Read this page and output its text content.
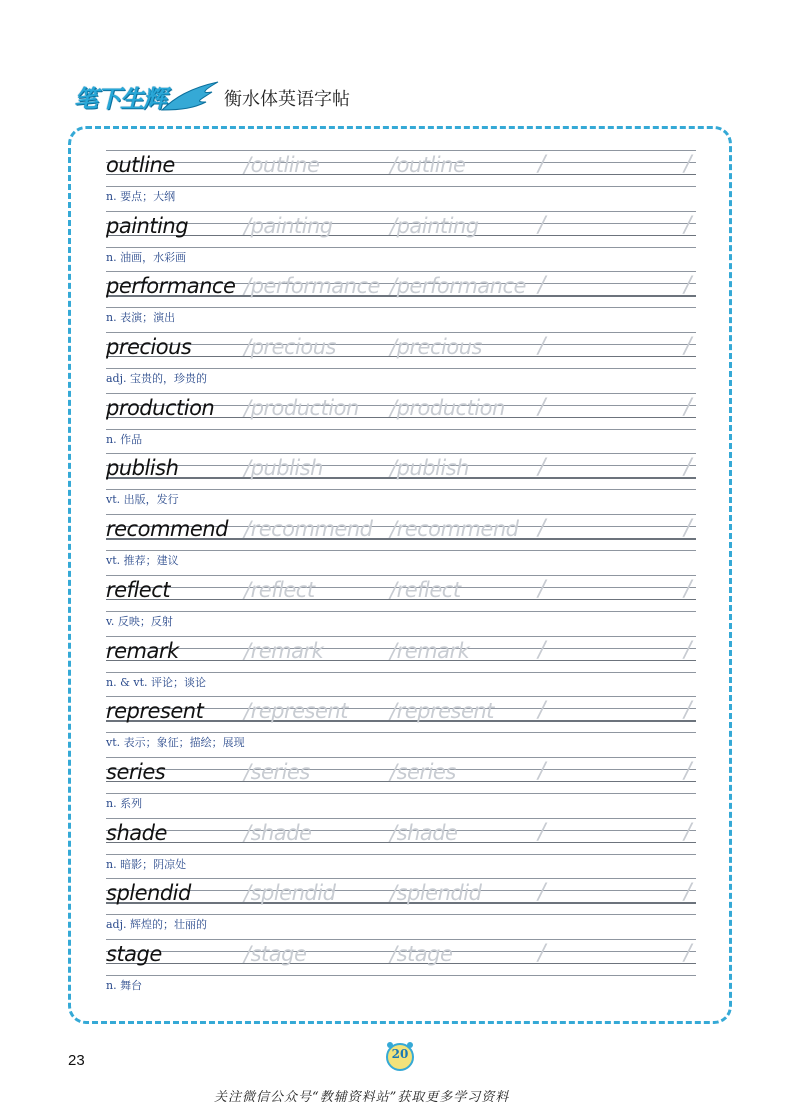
笔下生辉	衡水体英语字帖
outline	/outline	/outline	/	/
n. 要点；大纲
painting	/painting	/painting	/	/
n. 油画，水彩画
performance /performance /performance /	/
n. 表演；演出
precious	/precious	/precious	/	/
adj. 宝贵的，珍贵的
production /production /production /	/
n. 作品
publish	/publish	/publish	/	/
vt. 出版，发行
recommend /recommend /recommend /	/
vt. 推荐；建议
reflect	/reflect	/reflect	/	/
v. 反映；反射
remark	/remark	/remark	/	/
n. & vt. 评论；谈论
represent /represent /represent /	/
vt. 表示；象征；描绘；展现
series	/series	/series	/	/
n. 系列
shade	/shade	/shade	/	/
n. 暗影；阴凉处
splendid	/splendid	/splendid	/	/
adj. 辉煌的；壮丽的
stage	/stage	/stage	/	/
n. 舞台
23	20
关注微信公众号“教辅资料站”获取更多学习资料
